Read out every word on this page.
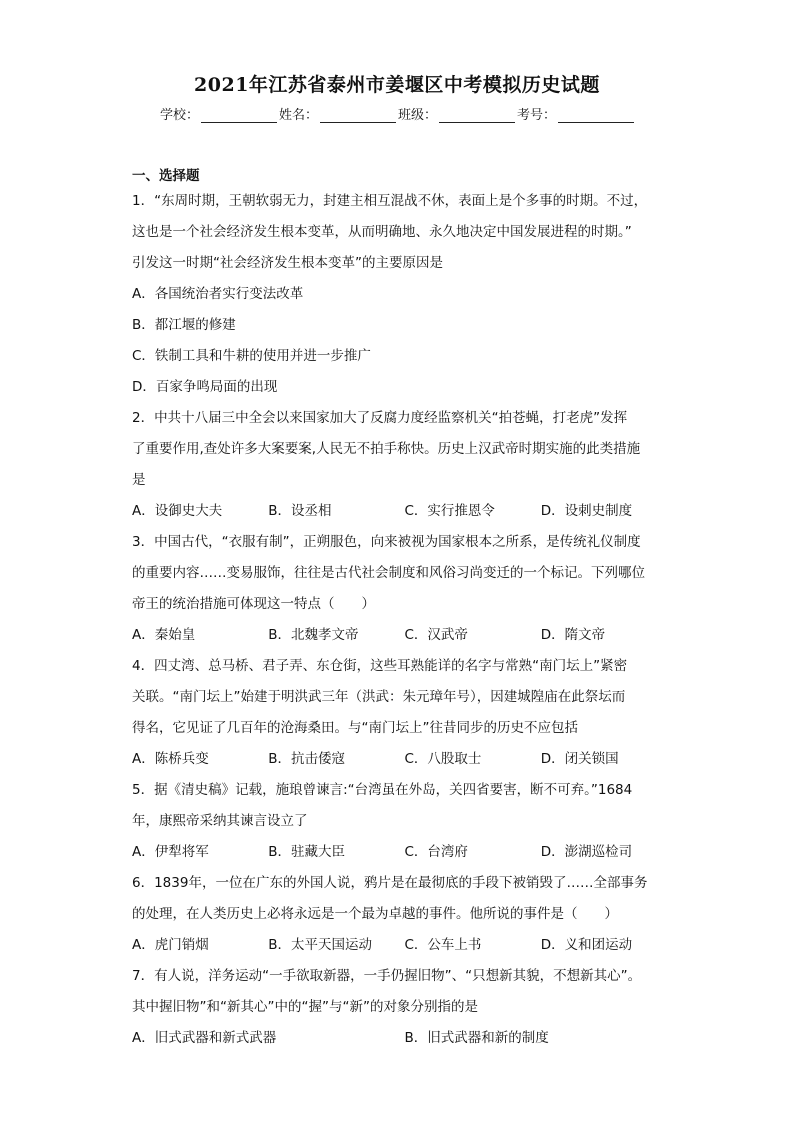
2021年江苏省泰州市姜堰区中考模拟历史试题
学校：	姓名：	班级：	考号：
一、选择题
1．“东周时期，王朝软弱无力，封建主相互混战不休，表面上是个多事的时期。不过，
这也是一个社会经济发生根本变革，从而明确地、永久地决定中国发展进程的时期。”
引发这一时期“社会经济发生根本变革”的主要原因是
A．各国统治者实行变法改革
B．都江堰的修建
C．铁制工具和牛耕的使用并进一步推广
D．百家争鸣局面的出现
2．中共十八届三中全会以来国家加大了反腐力度经监察机关“拍苍蝇，打老虎”发挥
了重要作用,查处许多大案要案,人民无不拍手称快。历史上汉武帝时期实施的此类措施
是
A．设御史大夫	B．设丞相	C．实行推恩令	D．设刺史制度
3．中国古代，“衣服有制”，正朔服色，向来被视为国家根本之所系，是传统礼仪制度
的重要内容……变易服饰，往往是古代社会制度和风俗习尚变迁的一个标记。下列哪位
帝王的统治措施可体现这一特点（　　）
A．秦始皇	B．北魏孝文帝	C．汉武帝	D．隋文帝
4．四丈湾、总马桥、君子弄、东仓街，这些耳熟能详的名字与常熟“南门坛上”紧密
关联。“南门坛上”始建于明洪武三年（洪武：朱元璋年号），因建城隍庙在此祭坛而
得名，它见证了几百年的沧海桑田。与“南门坛上”往昔同步的历史不应包括
A．陈桥兵变	B．抗击倭寇	C．八股取士	D．闭关锁国
5．据《清史稿》记载，施琅曾谏言:“台湾虽在外岛，关四省要害，断不可弃。”1684
年，康熙帝采纳其谏言设立了
A．伊犁将军	B．驻藏大臣	C．台湾府	D．澎湖巡检司
6．1839年，一位在广东的外国人说，鸦片是在最彻底的手段下被销毁了……全部事务
的处理，在人类历史上必将永远是一个最为卓越的事件。他所说的事件是（　　）
A．虎门销烟	B．太平天国运动	C．公车上书	D．义和团运动
7．有人说，洋务运动“一手欲取新器，一手仍握旧物”、“只想新其貌，不想新其心”。
其中握旧物”和“新其心”中的“握”与“新”的对象分别指的是
A．旧式武器和新式武器	B．旧式武器和新的制度
